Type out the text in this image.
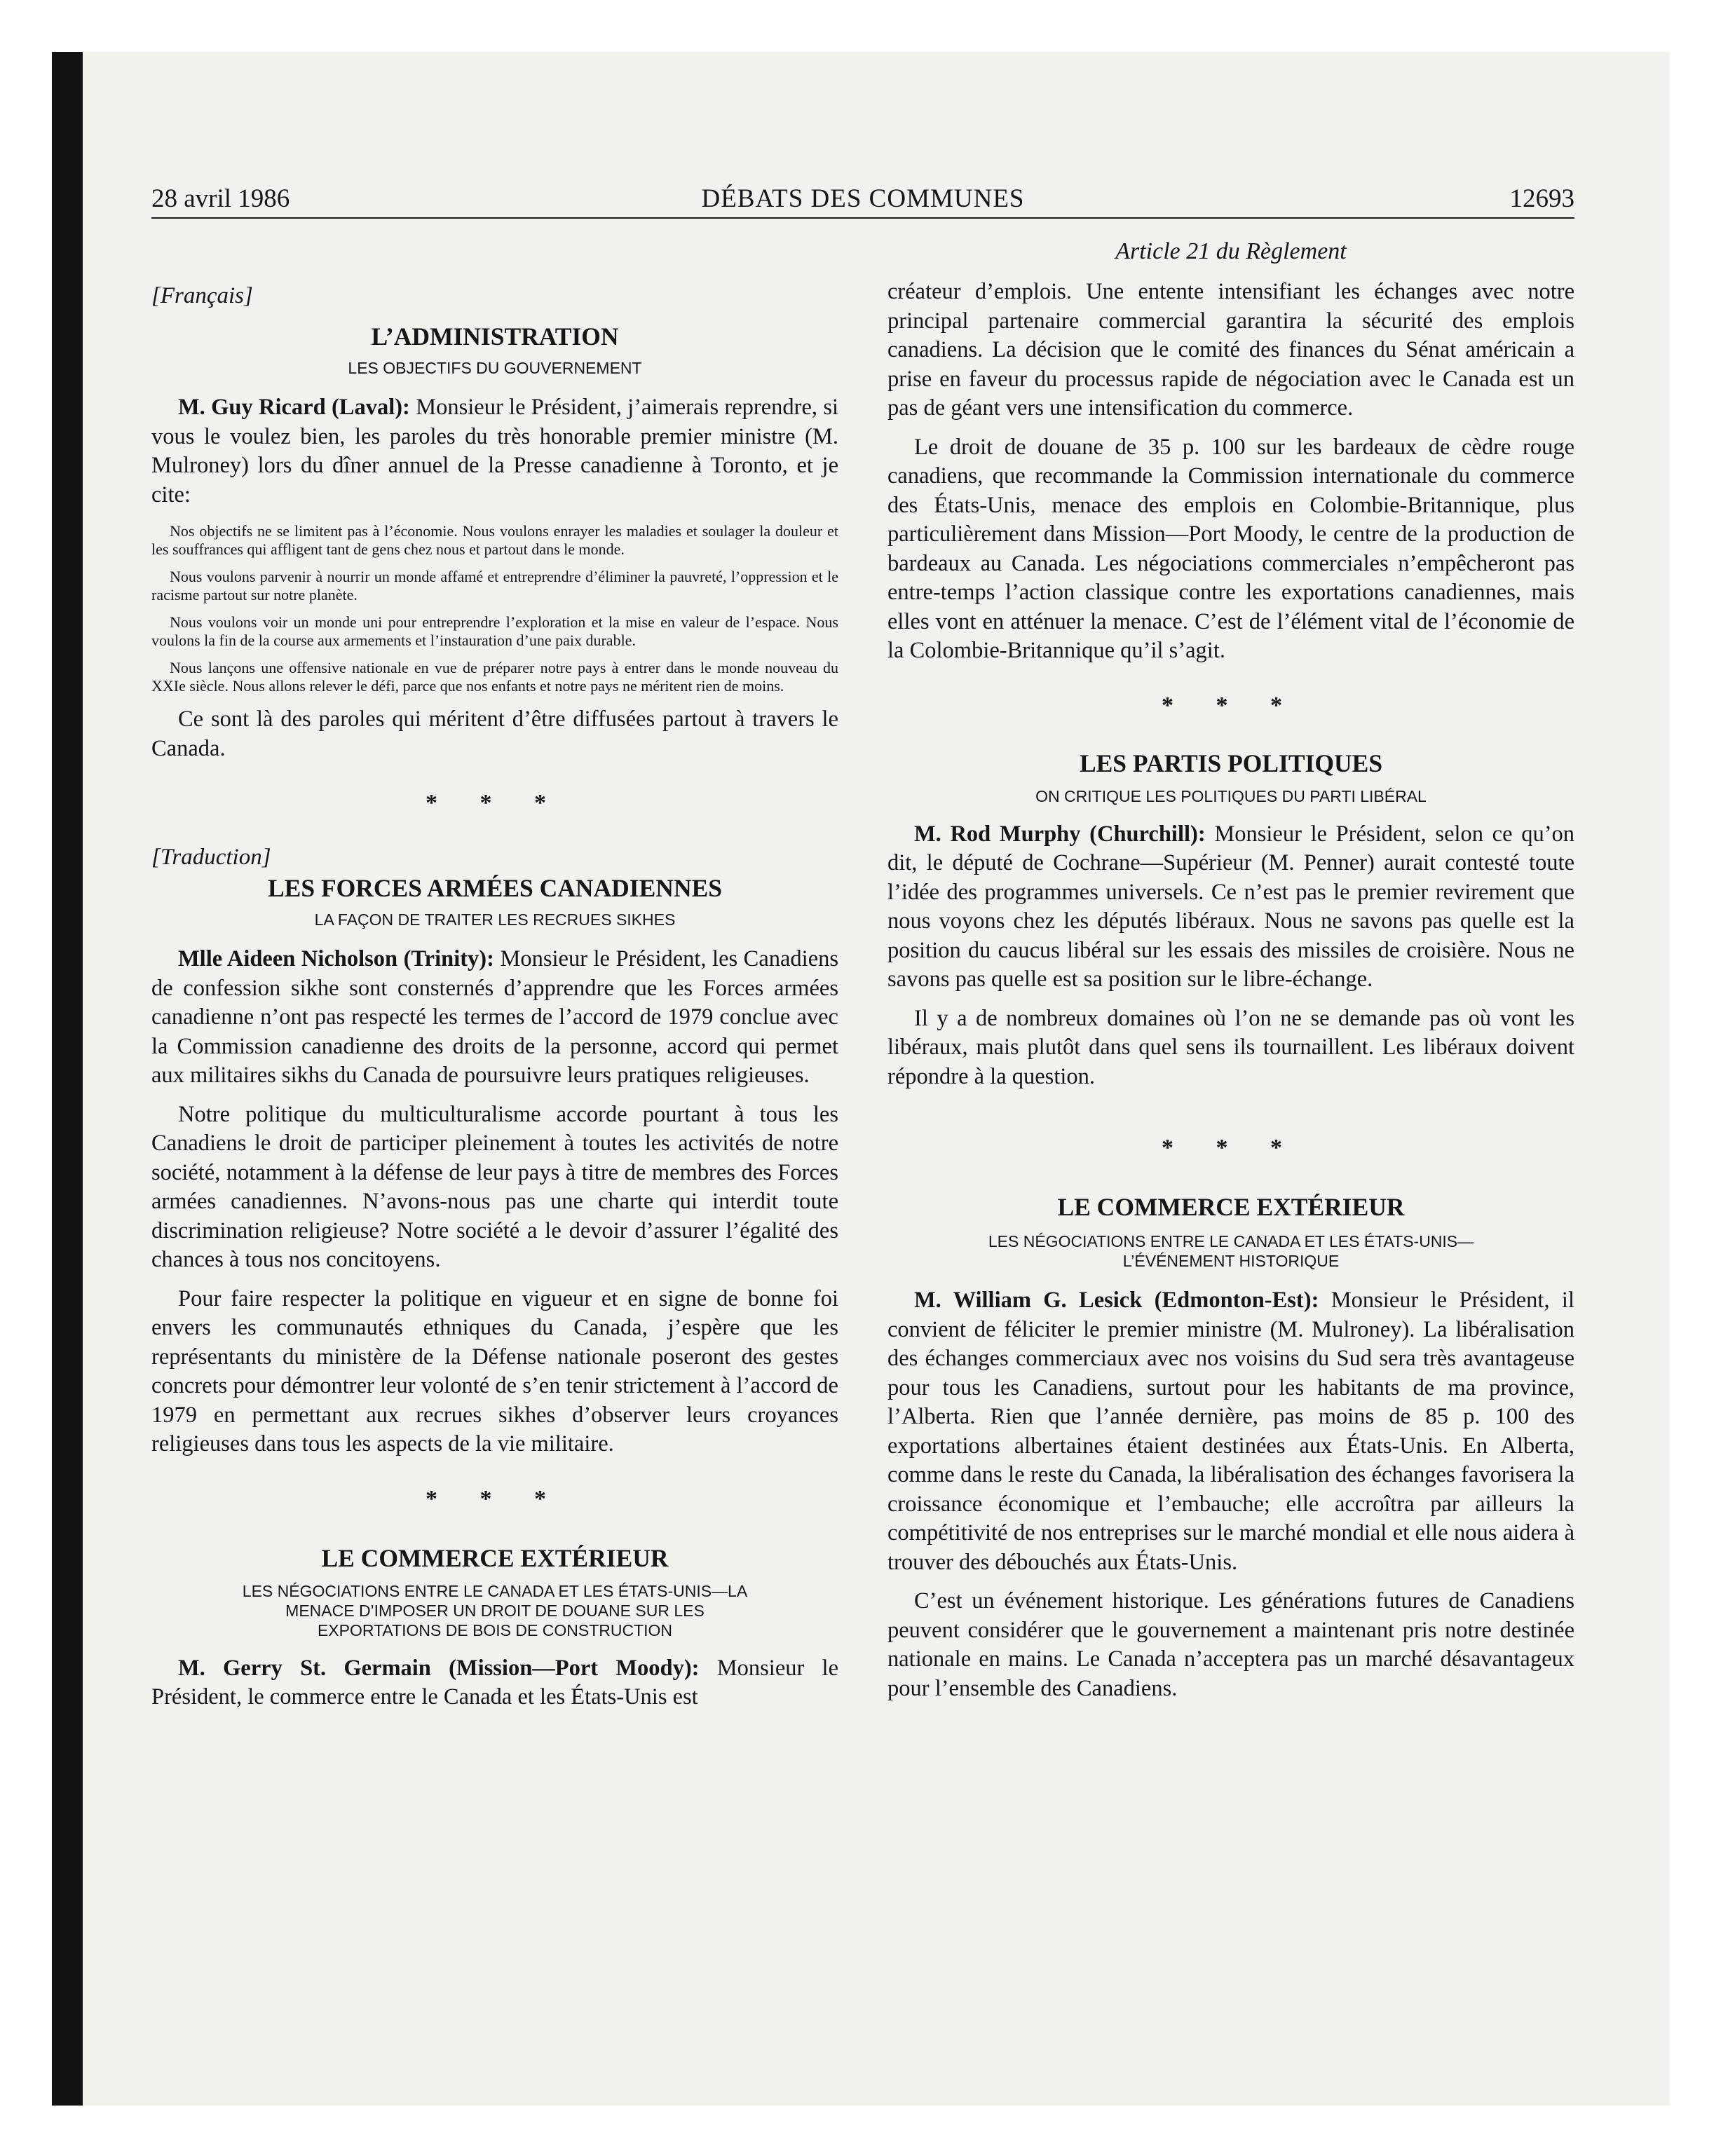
28 avril 1986	DÉBATS DES COMMUNES	12693
Article 21 du Règlement
[Français]
L’ADMINISTRATION
LES OBJECTIFS DU GOUVERNEMENT

M. Guy Ricard (Laval): Monsieur le Président, j’aimerais reprendre, si vous le voulez bien, les paroles du très honorable premier ministre (M. Mulroney) lors du dîner annuel de la Presse canadienne à Toronto, et je cite:

Nos objectifs ne se limitent pas à l’économie. Nous voulons enrayer les maladies et soulager la douleur et les souffrances qui affligent tant de gens chez nous et partout dans le monde.

Nous voulons parvenir à nourrir un monde affamé et entreprendre d’éliminer la pauvreté, l’oppression et le racisme partout sur notre planète.

Nous voulons voir un monde uni pour entreprendre l’exploration et la mise en valeur de l’espace. Nous voulons la fin de la course aux armements et l’instauration d’une paix durable.

Nous lançons une offensive nationale en vue de préparer notre pays à entrer dans le monde nouveau du XXIe siècle. Nous allons relever le défi, parce que nos enfants et notre pays ne méritent rien de moins.

Ce sont là des paroles qui méritent d’être diffusées partout à travers le Canada.

* * *
[Traduction]
LES FORCES ARMÉES CANADIENNES
LA FAÇON DE TRAITER LES RECRUES SIKHES

Mlle Aideen Nicholson (Trinity): Monsieur le Président, les Canadiens de confession sikhe sont consternés d’apprendre que les Forces armées canadienne n’ont pas respecté les termes de l’accord de 1979 conclue avec la Commission canadienne des droits de la personne, accord qui permet aux militaires sikhs du Canada de poursuivre leurs pratiques religieuses.

Notre politique du multiculturalisme accorde pourtant à tous les Canadiens le droit de participer pleinement à toutes les activités de notre société, notamment à la défense de leur pays à titre de membres des Forces armées canadiennes. N’avons-nous pas une charte qui interdit toute discrimination religieuse? Notre société a le devoir d’assurer l’égalité des chances à tous nos concitoyens.

Pour faire respecter la politique en vigueur et en signe de bonne foi envers les communautés ethniques du Canada, j’espère que les représentants du ministère de la Défense nationale poseront des gestes concrets pour démontrer leur volonté de s’en tenir strictement à l’accord de 1979 en permettant aux recrues sikhes d’observer leurs croyances religieuses dans tous les aspects de la vie militaire.

* * *
LE COMMERCE EXTÉRIEUR
LES NÉGOCIATIONS ENTRE LE CANADA ET LES ÉTATS-UNIS—LA
MENACE D’IMPOSER UN DROIT DE DOUANE SUR LES
EXPORTATIONS DE BOIS DE CONSTRUCTION

M. Gerry St. Germain (Mission—Port Moody): Monsieur le Président, le commerce entre le Canada et les États-Unis est

créateur d’emplois. Une entente intensifiant les échanges avec notre principal partenaire commercial garantira la sécurité des emplois canadiens. La décision que le comité des finances du Sénat américain a prise en faveur du processus rapide de négociation avec le Canada est un pas de géant vers une intensification du commerce.

Le droit de douane de 35 p. 100 sur les bardeaux de cèdre rouge canadiens, que recommande la Commission internationale du commerce des États-Unis, menace des emplois en Colombie-Britannique, plus particulièrement dans Mission—Port Moody, le centre de la production de bardeaux au Canada. Les négociations commerciales n’empêcheront pas entre-temps l’action classique contre les exportations canadiennes, mais elles vont en atténuer la menace. C’est de l’élément vital de l’économie de la Colombie-Britannique qu’il s’agit.

* * *
LES PARTIS POLITIQUES
ON CRITIQUE LES POLITIQUES DU PARTI LIBÉRAL

M. Rod Murphy (Churchill): Monsieur le Président, selon ce qu’on dit, le député de Cochrane—Supérieur (M. Penner) aurait contesté toute l’idée des programmes universels. Ce n’est pas le premier revirement que nous voyons chez les députés libéraux. Nous ne savons pas quelle est la position du caucus libéral sur les essais des missiles de croisière. Nous ne savons pas quelle est sa position sur le libre-échange.

Il y a de nombreux domaines où l’on ne se demande pas où vont les libéraux, mais plutôt dans quel sens ils tournaillent. Les libéraux doivent répondre à la question.

* * *
LE COMMERCE EXTÉRIEUR
LES NÉGOCIATIONS ENTRE LE CANADA ET LES ÉTATS-UNIS—
L’ÉVÉNEMENT HISTORIQUE

M. William G. Lesick (Edmonton-Est): Monsieur le Président, il convient de féliciter le premier ministre (M. Mulroney). La libéralisation des échanges commerciaux avec nos voisins du Sud sera très avantageuse pour tous les Canadiens, surtout pour les habitants de ma province, l’Alberta. Rien que l’année dernière, pas moins de 85 p. 100 des exportations albertaines étaient destinées aux États-Unis. En Alberta, comme dans le reste du Canada, la libéralisation des échanges favorisera la croissance économique et l’embauche; elle accroîtra par ailleurs la compétitivité de nos entreprises sur le marché mondial et elle nous aidera à trouver des débouchés aux États-Unis.

C’est un événement historique. Les générations futures de Canadiens peuvent considérer que le gouvernement a maintenant pris notre destinée nationale en mains. Le Canada n’acceptera pas un marché désavantageux pour l’ensemble des Canadiens.
